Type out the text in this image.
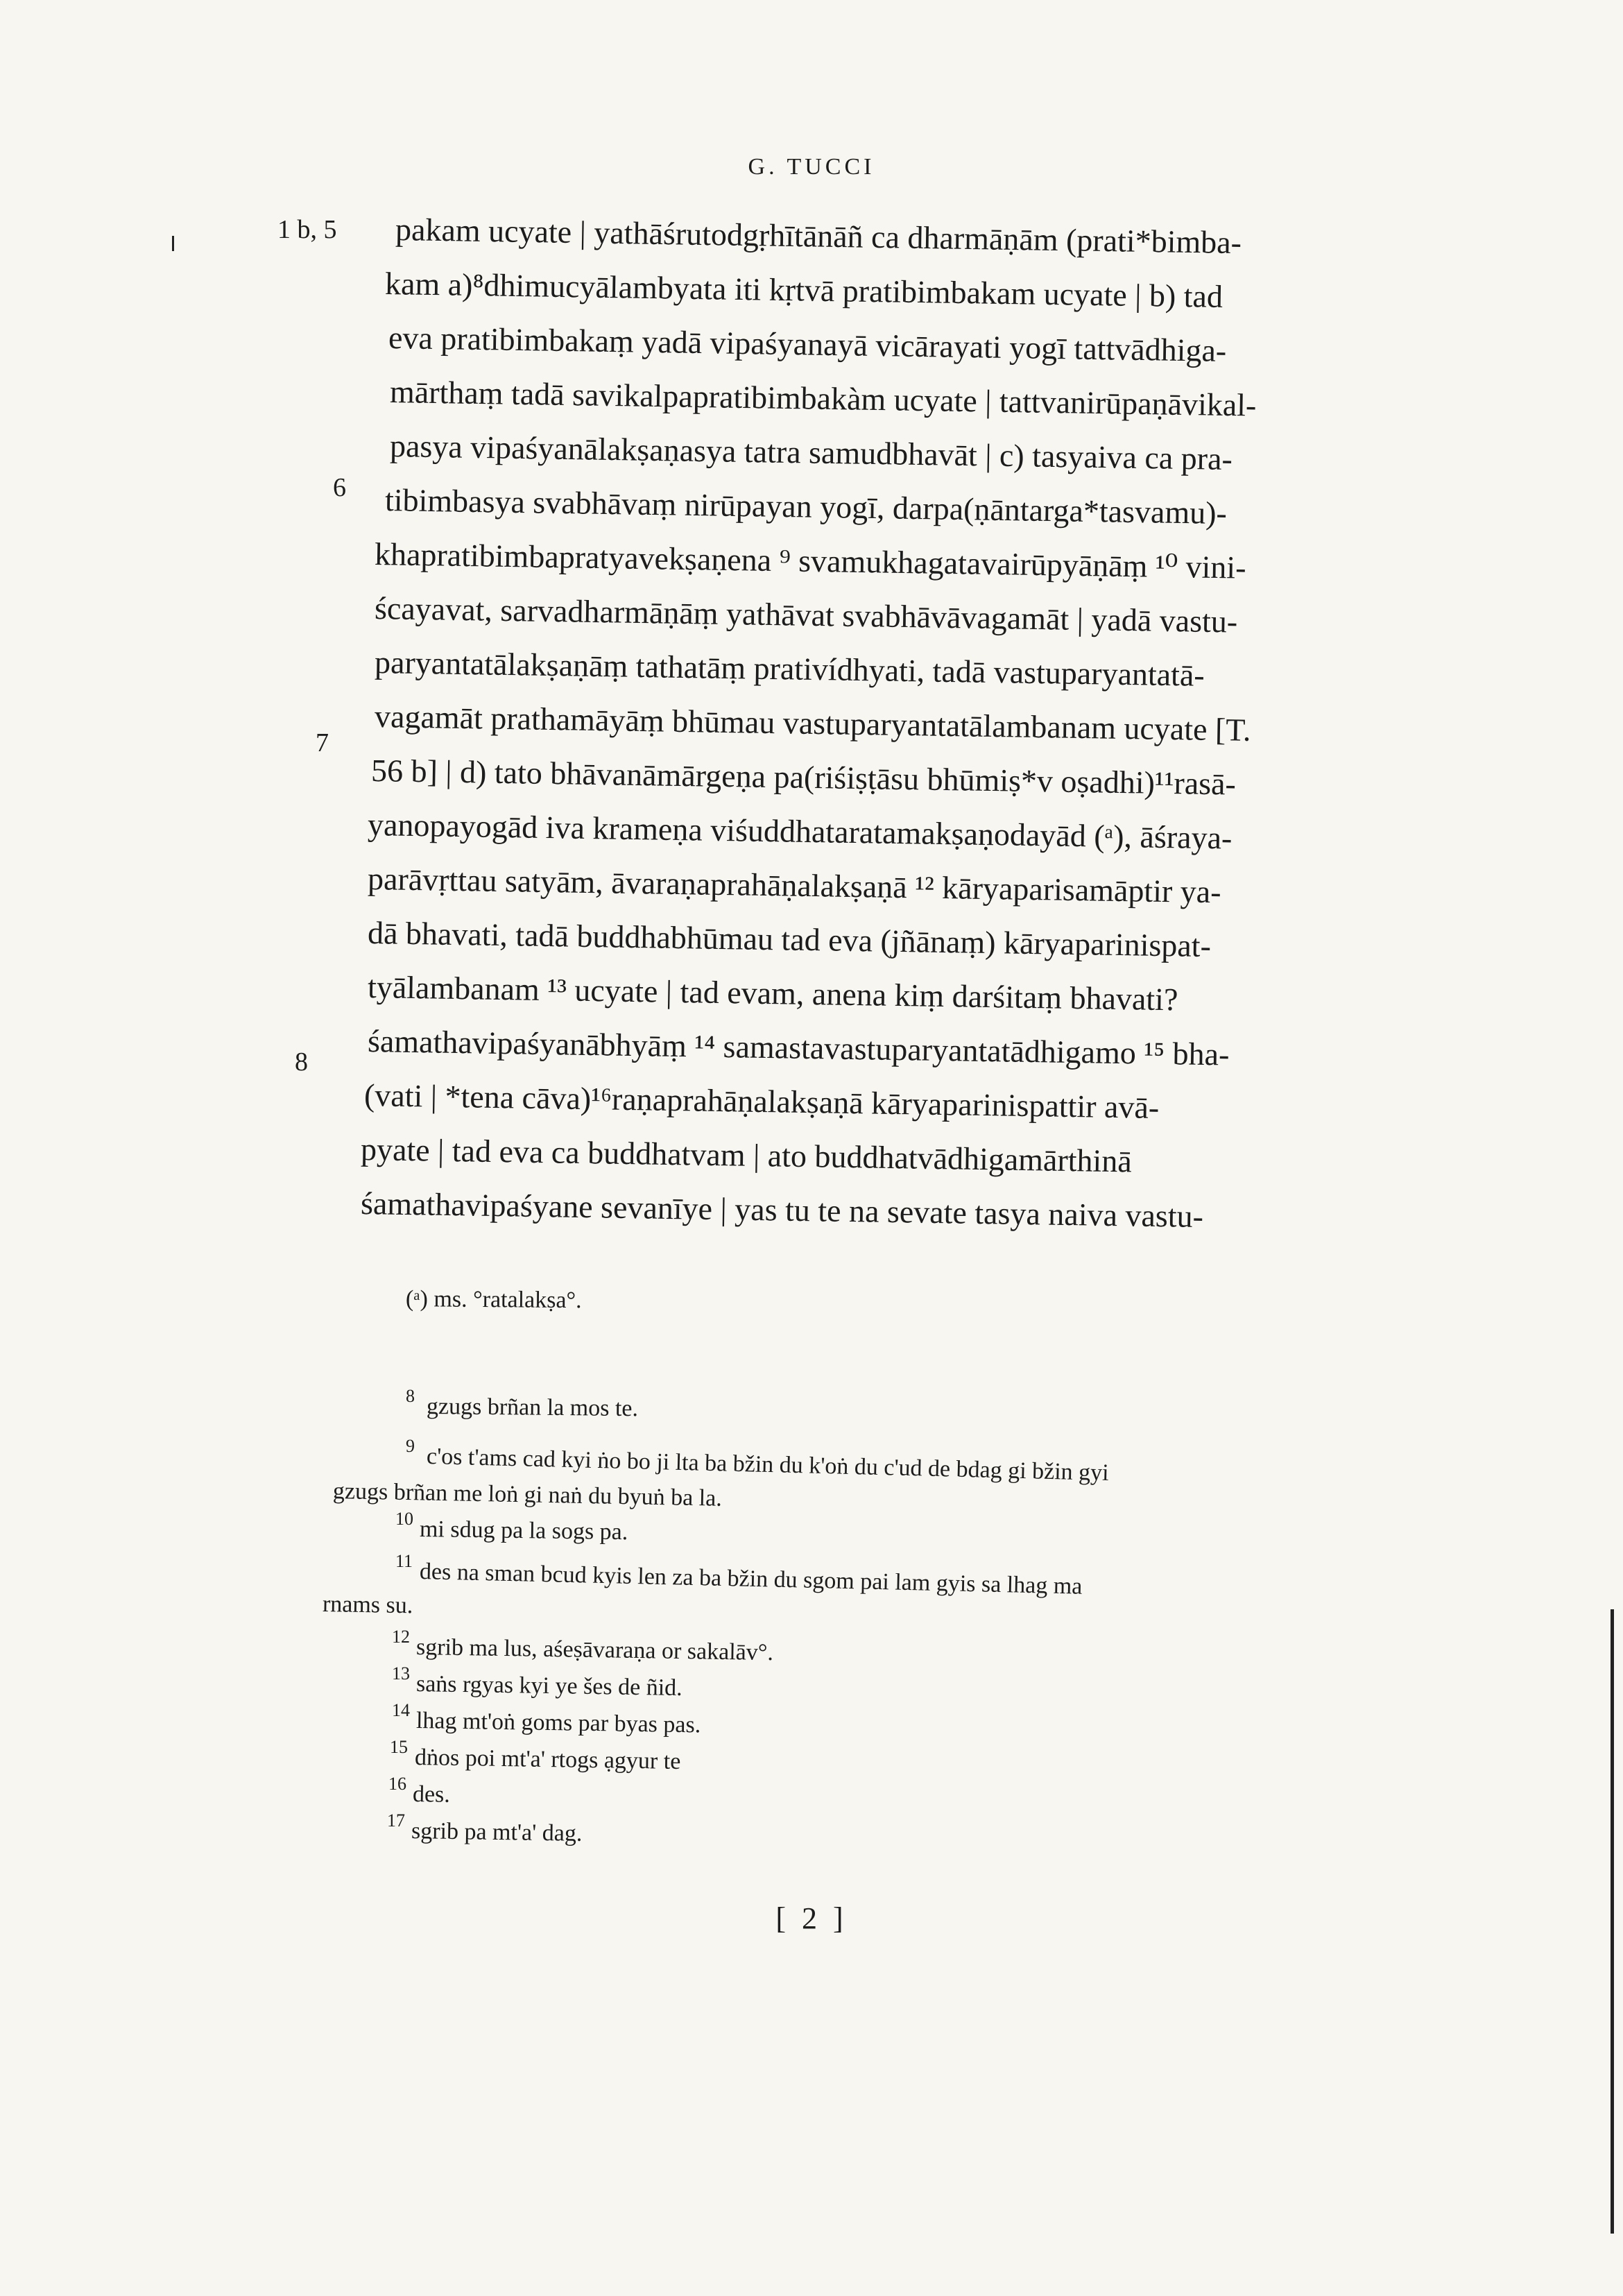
G. TUCCI
1 b, 5	pakam ucyate | yathāśrutodgṛhītānāñ ca dharmāṇām (prati*bimba-
kam a)⁸dhimucyālambyata iti kṛtvā pratibimbakam ucyate | b) tad
eva pratibimbakaṃ yadā vipaśyanayā vicārayati yogī tattvādhiga-
mārthaṃ tadā savikalpapratibimbakàm ucyate | tattvanirūpaṇāvikal-
pasya vipaśyanālakṣaṇasya tatra samudbhavāt | c) tasyaiva ca pra-
6	tibimbasya svabhāvaṃ nirūpayan yogī, darpa(ṇāntarga*tasvamu)-
khapratibimbapratyavekṣaṇena ⁹ svamukhagatavairūpyāṇāṃ ¹⁰ vini-
ścayavat, sarvadharmāṇāṃ yathāvat svabhāvāvagamāt | yadā vastu-
paryantatālakṣaṇāṃ tathatāṃ prativídhyati, tadā vastuparyantatā-
vagamāt prathamāyāṃ bhūmau vastuparyantatālambanam ucyate [T.
7
56 b] | d) tato bhāvanāmārgeṇa pa(riśiṣṭāsu bhūmiṣ*v oṣadhi)¹¹rasā-
yanopayogād iva krameṇa viśuddhataratamakṣaṇodayād (ᵃ), āśraya-
parāvṛttau satyām, āvaraṇaprahāṇalakṣaṇā ¹² kāryaparisamāptir ya-
dā bhavati, tadā buddhabhūmau tad eva (jñānaṃ) kāryaparinispat-
tyālambanam ¹³ ucyate | tad evam, anena kiṃ darśitaṃ bhavati?
śamathavipaśyanābhyāṃ ¹⁴ samastavastuparyantatādhigamo ¹⁵ bha-
8
(vati | *tena cāva)¹⁶raṇaprahāṇalakṣaṇā kāryaparinispattir avā-
pyate | tad eva ca buddhatvam | ato buddhatvādhigamārthinā
śamathavipaśyane sevanīye | yas tu te na sevate tasya naiva vastu-
(ᵃ) ms. °ratalakṣa°.
8 gzugs brñan la mos te.
9 c'os t'ams cad kyi ṅo bo ji lta ba bžin du k'oṅ du c'ud de bdag gi bžin gyi
gzugs brñan me loṅ gi naṅ du byuṅ ba la.
10 mi sdug pa la sogs pa.
11 des na sman bcud kyis len za ba bžin du sgom pai lam gyis sa lhag ma
rnams su.
12 sgrib ma lus, aśeṣāvaraṇa or sakalāv°.
13 saṅs rgyas kyi ye šes de ñid.
14 lhag mt'oṅ goms par byas pas.
15 dṅos poi mt'a' rtogs ạgyur te
16 des.
17 sgrib pa mt'a' dag.
[ 2 ]
